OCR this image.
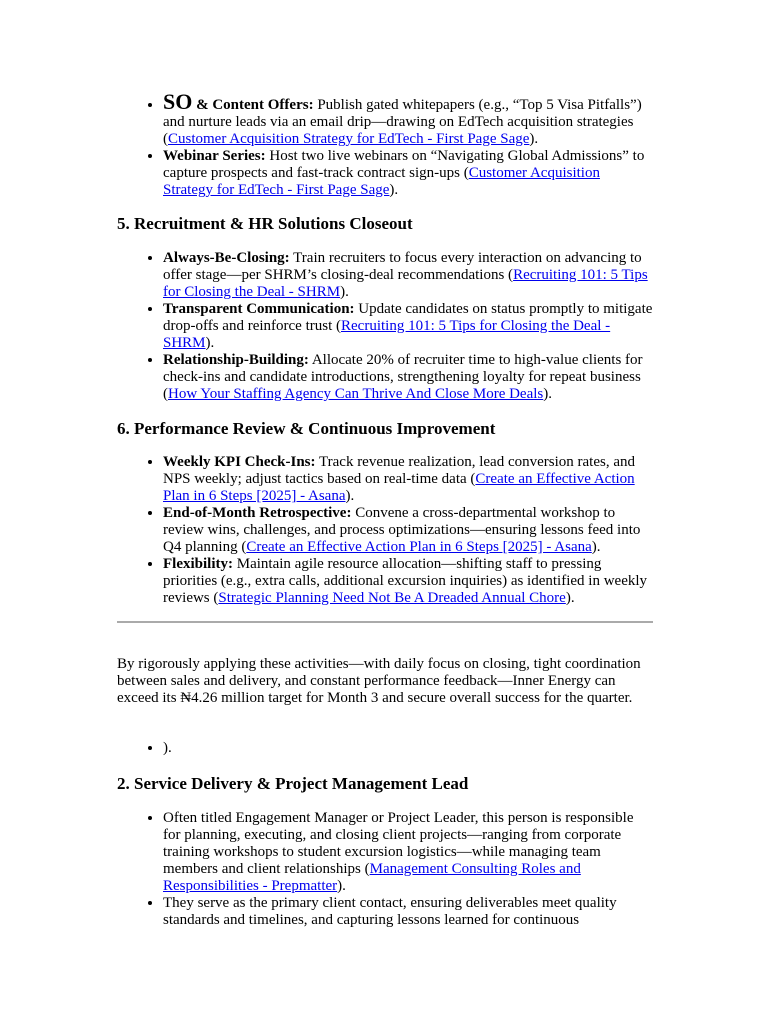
• SO & Content Offers: Publish gated whitepapers (e.g., “Top 5 Visa Pitfalls”) and nurture leads via an email drip—drawing on EdTech acquisition strategies (Customer Acquisition Strategy for EdTech - First Page Sage).
• Webinar Series: Host two live webinars on “Navigating Global Admissions” to capture prospects and fast-track contract sign-ups (Customer Acquisition Strategy for EdTech - First Page Sage).
5. Recruitment & HR Solutions Closeout
• Always-Be-Closing: Train recruiters to focus every interaction on advancing to offer stage—per SHRM’s closing-deal recommendations (Recruiting 101: 5 Tips for Closing the Deal - SHRM).
• Transparent Communication: Update candidates on status promptly to mitigate drop-offs and reinforce trust (Recruiting 101: 5 Tips for Closing the Deal - SHRM).
• Relationship-Building: Allocate 20% of recruiter time to high-value clients for check-ins and candidate introductions, strengthening loyalty for repeat business (How Your Staffing Agency Can Thrive And Close More Deals).
6. Performance Review & Continuous Improvement
• Weekly KPI Check-Ins: Track revenue realization, lead conversion rates, and NPS weekly; adjust tactics based on real-time data (Create an Effective Action Plan in 6 Steps [2025] - Asana).
• End-of-Month Retrospective: Convene a cross-departmental workshop to review wins, challenges, and process optimizations—ensuring lessons feed into Q4 planning (Create an Effective Action Plan in 6 Steps [2025] - Asana).
• Flexibility: Maintain agile resource allocation—shifting staff to pressing priorities (e.g., extra calls, additional excursion inquiries) as identified in weekly reviews (Strategic Planning Need Not Be A Dreaded Annual Chore).

By rigorously applying these activities—with daily focus on closing, tight coordination between sales and delivery, and constant performance feedback—Inner Energy can exceed its ₦4.26 million target for Month 3 and secure overall success for the quarter.

• ).
2. Service Delivery & Project Management Lead
• Often titled Engagement Manager or Project Leader, this person is responsible for planning, executing, and closing client projects—ranging from corporate training workshops to student excursion logistics—while managing team members and client relationships (Management Consulting Roles and Responsibilities - Prepmatter).
• They serve as the primary client contact, ensuring deliverables meet quality standards and timelines, and capturing lessons learned for continuous
